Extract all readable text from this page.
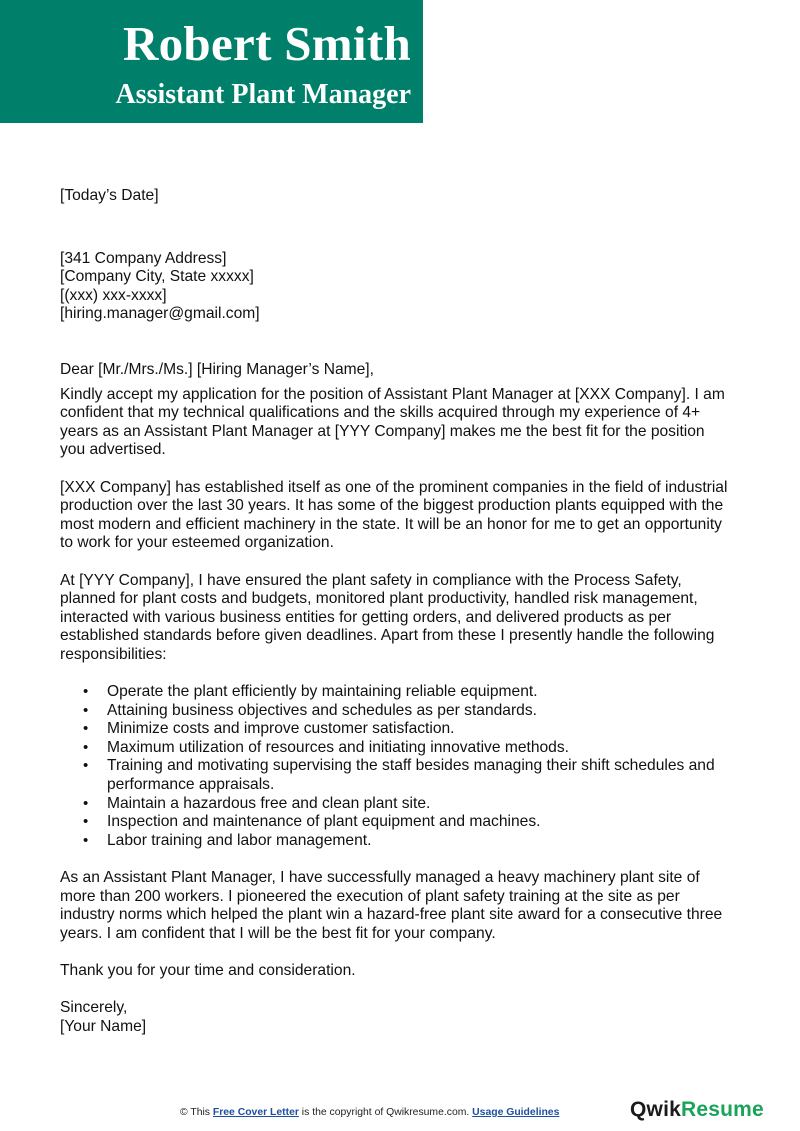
Robert Smith
Assistant Plant Manager

[Today’s Date]

[341 Company Address]

[Company City, State xxxxx]

[(xxx) xxx-xxxx]

[hiring.manager@gmail.com]

Dear [Mr./Mrs./Ms.] [Hiring Manager’s Name],

Kindly accept my application for the position of Assistant Plant Manager at [XXX Company]. I am

confident that my technical qualifications and the skills acquired through my experience of 4+

years as an Assistant Plant Manager at [YYY Company] makes me the best fit for the position

you advertised.

[XXX Company] has established itself as one of the prominent companies in the field of industrial

production over the last 30 years. It has some of the biggest production plants equipped with the

most modern and efficient machinery in the state. It will be an honor for me to get an opportunity

to work for your esteemed organization.

At [YYY Company], I have ensured the plant safety in compliance with the Process Safety,

planned for plant costs and budgets, monitored plant productivity, handled risk management,

interacted with various business entities for getting orders, and delivered products as per

established standards before given deadlines. Apart from these I presently handle the following

responsibilities:

• Operate the plant efficiently by maintaining reliable equipment.

• Attaining business objectives and schedules as per standards.

• Minimize costs and improve customer satisfaction.

• Maximum utilization of resources and initiating innovative methods.

• Training and motivating supervising the staff besides managing their shift schedules and

performance appraisals.

• Maintain a hazardous free and clean plant site.

• Inspection and maintenance of plant equipment and machines.

• Labor training and labor management.

As an Assistant Plant Manager, I have successfully managed a heavy machinery plant site of

more than 200 workers. I pioneered the execution of plant safety training at the site as per

industry norms which helped the plant win a hazard-free plant site award for a consecutive three

years. I am confident that I will be the best fit for your company.

Thank you for your time and consideration.

Sincerely,

[Your Name]

© This Free Cover Letter is the copyright of Qwikresume.com. Usage Guidelines	QwikResume
